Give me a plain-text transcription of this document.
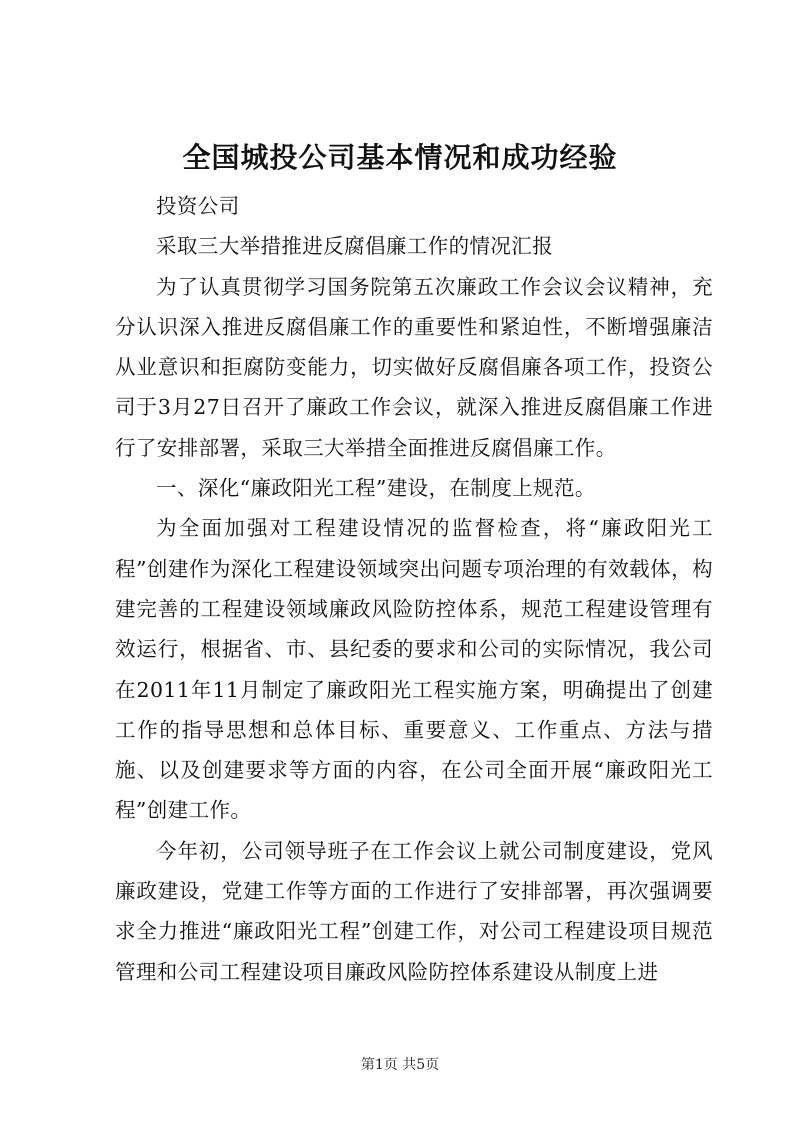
全国城投公司基本情况和成功经验

投资公司

采取三大举措推进反腐倡廉工作的情况汇报

为了认真贯彻学习国务院第五次廉政工作会议会议精神，充分认识深入推进反腐倡廉工作的重要性和紧迫性，不断增强廉洁从业意识和拒腐防变能力，切实做好反腐倡廉各项工作，投资公司于3月27日召开了廉政工作会议，就深入推进反腐倡廉工作进行了安排部署，采取三大举措全面推进反腐倡廉工作。

一、深化“廉政阳光工程”建设，在制度上规范。

为全面加强对工程建设情况的监督检查，将“廉政阳光工程”创建作为深化工程建设领域突出问题专项治理的有效载体，构建完善的工程建设领域廉政风险防控体系，规范工程建设管理有效运行，根据省、市、县纪委的要求和公司的实际情况，我公司在2011年11月制定了廉政阳光工程实施方案，明确提出了创建工作的指导思想和总体目标、重要意义、工作重点、方法与措施、以及创建要求等方面的内容，在公司全面开展“廉政阳光工程”创建工作。

今年初，公司领导班子在工作会议上就公司制度建设，党风廉政建设，党建工作等方面的工作进行了安排部署，再次强调要求全力推进“廉政阳光工程”创建工作，对公司工程建设项目规范管理和公司工程建设项目廉政风险防控体系建设从制度上进

第1页 共5页
